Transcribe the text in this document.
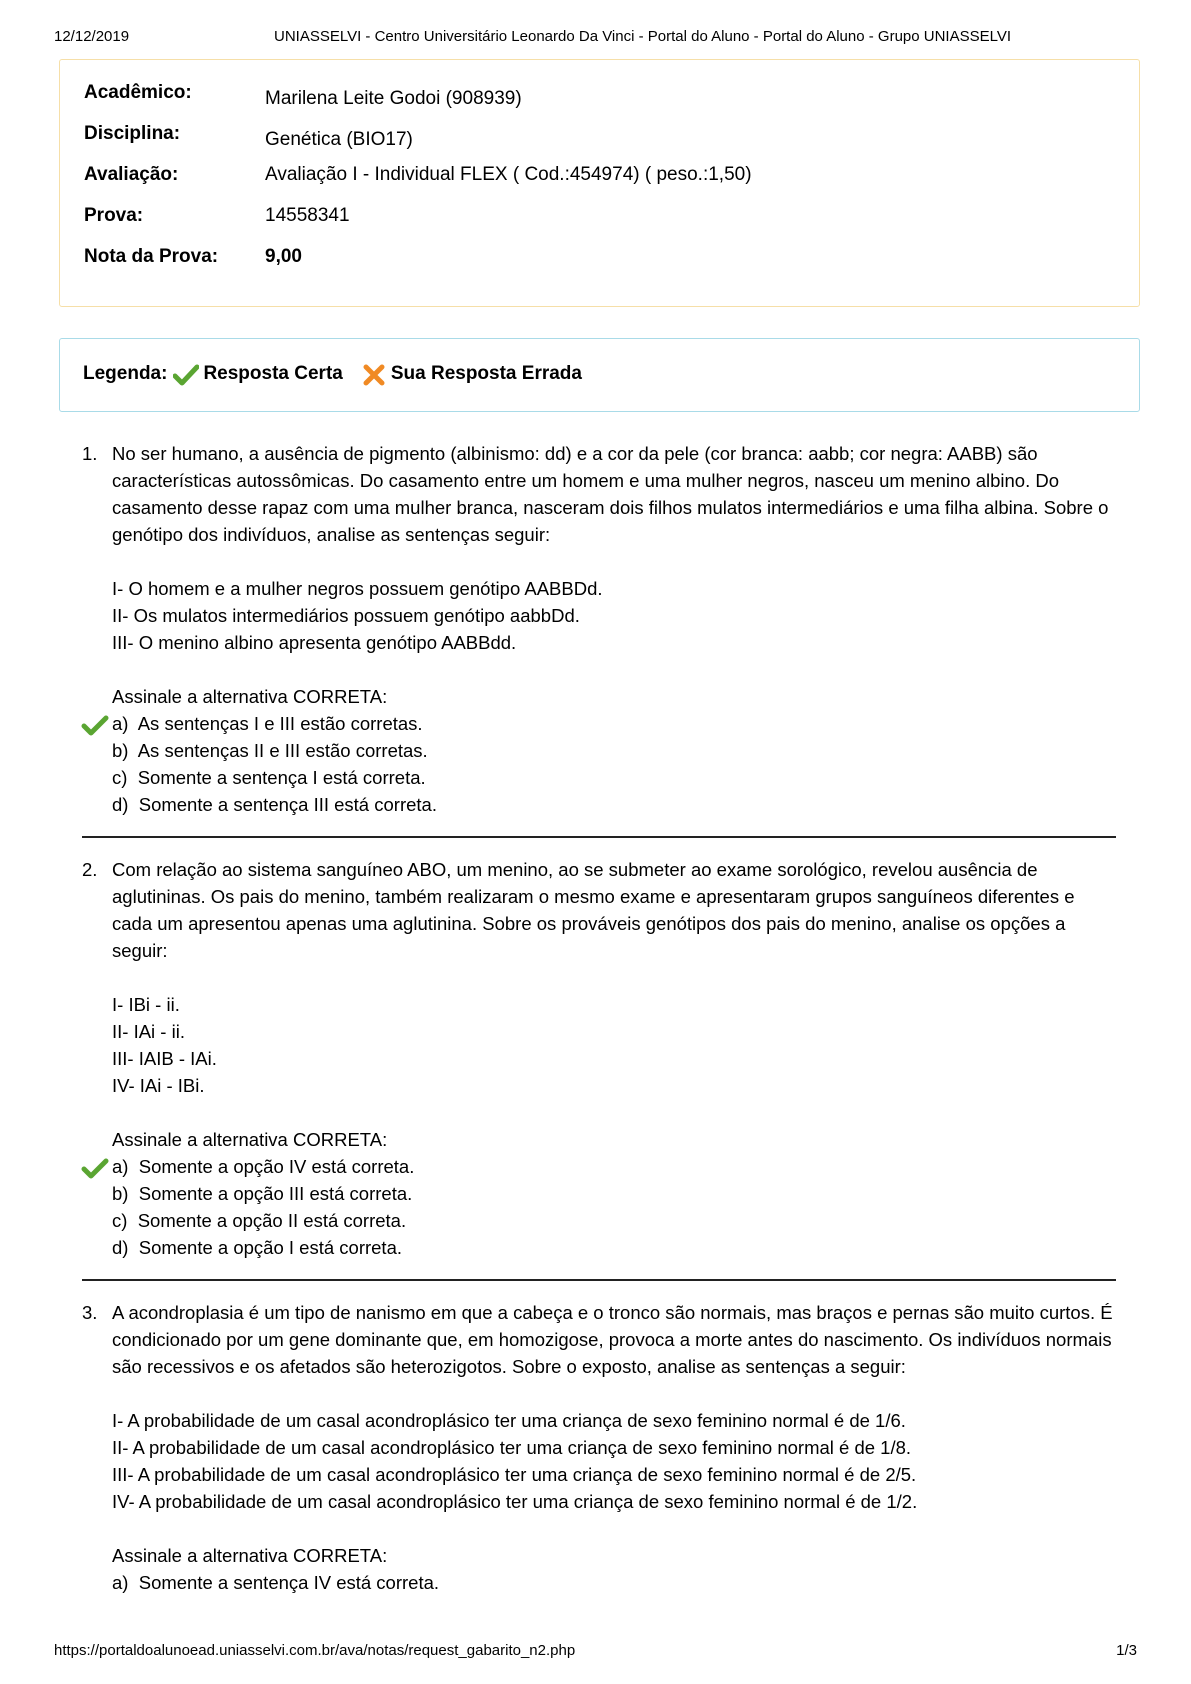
12/12/2019	UNIASSELVI - Centro Universitário Leonardo Da Vinci - Portal do Aluno - Portal do Aluno - Grupo UNIASSELVI
Acadêmico:	Marilena Leite Godoi (908939)
Disciplina:	Genética (BIO17)
Avaliação:	Avaliação I - Individual FLEX ( Cod.:454974) ( peso.:1,50)
Prova:	14558341
Nota da Prova: 9,00
Legenda: Resposta Certa	Sua Resposta Errada
1. No ser humano, a ausência de pigmento (albinismo: dd) e a cor da pele (cor branca: aabb; cor negra: AABB) são características autossômicas. Do casamento entre um homem e uma mulher negros, nasceu um menino albino. Do casamento desse rapaz com uma mulher branca, nasceram dois filhos mulatos intermediários e uma filha albina. Sobre o genótipo dos indivíduos, analise as sentenças seguir:

I- O homem e a mulher negros possuem genótipo AABBDd.
II- Os mulatos intermediários possuem genótipo aabbDd.
III- O menino albino apresenta genótipo AABBdd.
Assinale a alternativa CORRETA:
a) As sentenças I e III estão corretas.
b) As sentenças II e III estão corretas.
c) Somente a sentença I está correta.
d) Somente a sentença III está correta.
2. Com relação ao sistema sanguíneo ABO, um menino, ao se submeter ao exame sorológico, revelou ausência de aglutininas. Os pais do menino, também realizaram o mesmo exame e apresentaram grupos sanguíneos diferentes e cada um apresentou apenas uma aglutinina. Sobre os prováveis genótipos dos pais do menino, analise os opções a seguir:

I- IBi - ii.
II- IAi - ii.
III- IAIB - IAi.
IV- IAi - IBi.
Assinale a alternativa CORRETA:
a) Somente a opção IV está correta.
b) Somente a opção III está correta.
c) Somente a opção II está correta.
d) Somente a opção I está correta.
3. A acondroplasia é um tipo de nanismo em que a cabeça e o tronco são normais, mas braços e pernas são muito curtos. É condicionado por um gene dominante que, em homozigose, provoca a morte antes do nascimento. Os indivíduos normais são recessivos e os afetados são heterozigotos. Sobre o exposto, analise as sentenças a seguir:

I- A probabilidade de um casal acondroplásico ter uma criança de sexo feminino normal é de 1/6.
II- A probabilidade de um casal acondroplásico ter uma criança de sexo feminino normal é de 1/8.
III- A probabilidade de um casal acondroplásico ter uma criança de sexo feminino normal é de 2/5.
IV- A probabilidade de um casal acondroplásico ter uma criança de sexo feminino normal é de 1/2.
Assinale a alternativa CORRETA:
a) Somente a sentença IV está correta.
https://portaldoalunoead.uniasselvi.com.br/ava/notas/request_gabarito_n2.php	1/3
